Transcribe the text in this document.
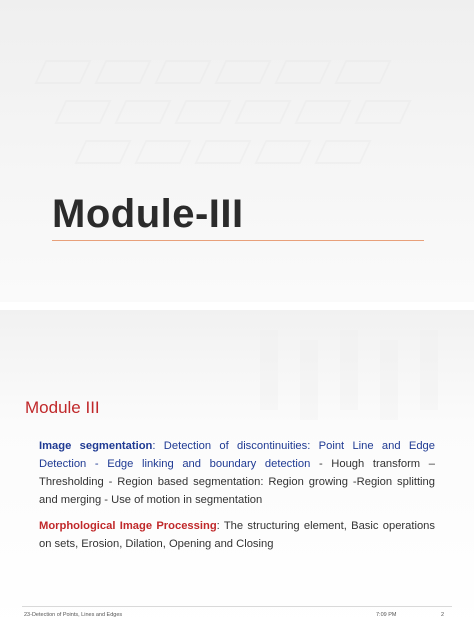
Module-III
Module III
Image segmentation: Detection of discontinuities: Point Line and Edge Detection - Edge linking and boundary detection - Hough transform – Thresholding - Region based segmentation: Region growing -Region splitting and merging - Use of motion in segmentation
Morphological Image Processing: The structuring element, Basic operations on sets, Erosion, Dilation, Opening and Closing
23-Detection of Points, Lines and Edges	7:09 PM	2
